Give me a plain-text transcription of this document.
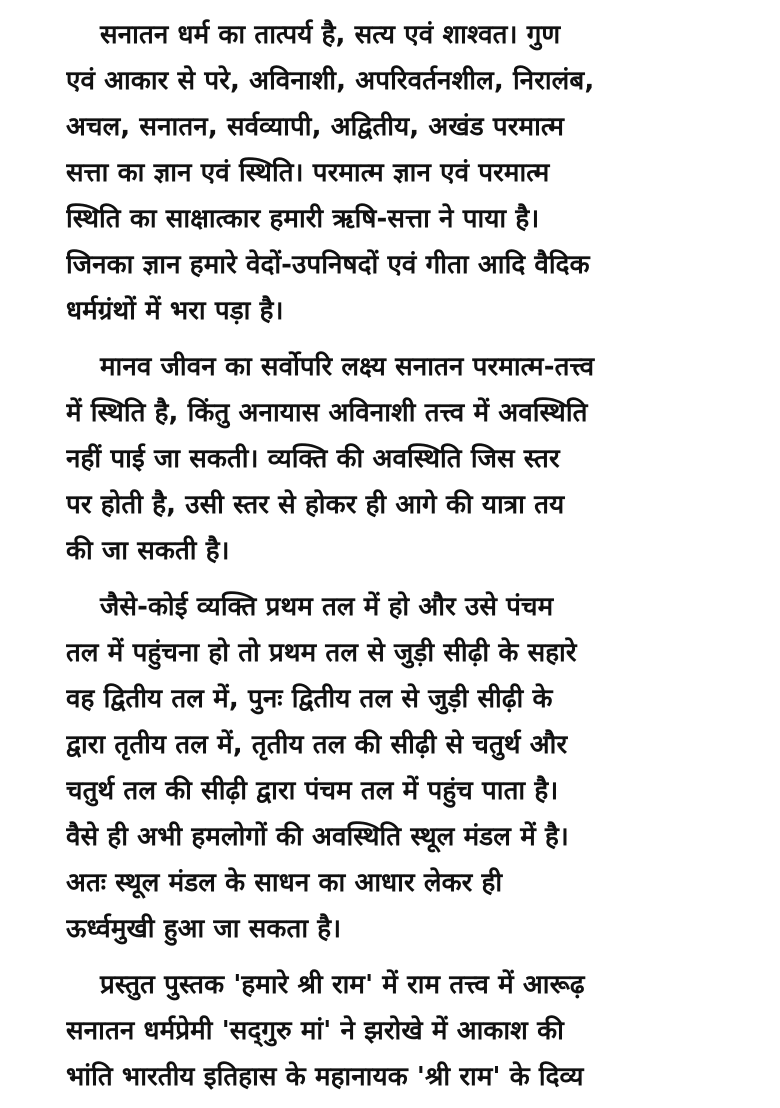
सनातन धर्म का तात्पर्य है, सत्य एवं शाश्वत। गुण
एवं आकार से परे, अविनाशी, अपरिवर्तनशील, निरालंब,
अचल, सनातन, सर्वव्यापी, अद्वितीय, अखंड परमात्म
सत्ता का ज्ञान एवं स्थिति। परमात्म ज्ञान एवं परमात्म
स्थिति का साक्षात्कार हमारी ऋषि-सत्ता ने पाया है।
जिनका ज्ञान हमारे वेदों-उपनिषदों एवं गीता आदि वैदिक
धर्मग्रंथों में भरा पड़ा है।
मानव जीवन का सर्वोपरि लक्ष्य सनातन परमात्म-तत्त्व
में स्थिति है, किंतु अनायास अविनाशी तत्त्व में अवस्थिति
नहीं पाई जा सकती। व्यक्ति की अवस्थिति जिस स्तर
पर होती है, उसी स्तर से होकर ही आगे की यात्रा तय
की जा सकती है।
जैसे-कोई व्यक्ति प्रथम तल में हो और उसे पंचम
तल में पहुंचना हो तो प्रथम तल से जुड़ी सीढ़ी के सहारे
वह द्वितीय तल में, पुनः द्वितीय तल से जुड़ी सीढ़ी के
द्वारा तृतीय तल में, तृतीय तल की सीढ़ी से चतुर्थ और
चतुर्थ तल की सीढ़ी द्वारा पंचम तल में पहुंच पाता है।
वैसे ही अभी हमलोगों की अवस्थिति स्थूल मंडल में है।
अतः स्थूल मंडल के साधन का आधार लेकर ही
ऊर्ध्वमुखी हुआ जा सकता है।
प्रस्तुत पुस्तक 'हमारे श्री राम' में राम तत्त्व में आरूढ़
सनातन धर्मप्रेमी 'सद्‌गुरु मां' ने झरोखे में आकाश की
भांति भारतीय इतिहास के महानायक 'श्री राम' के दिव्य
